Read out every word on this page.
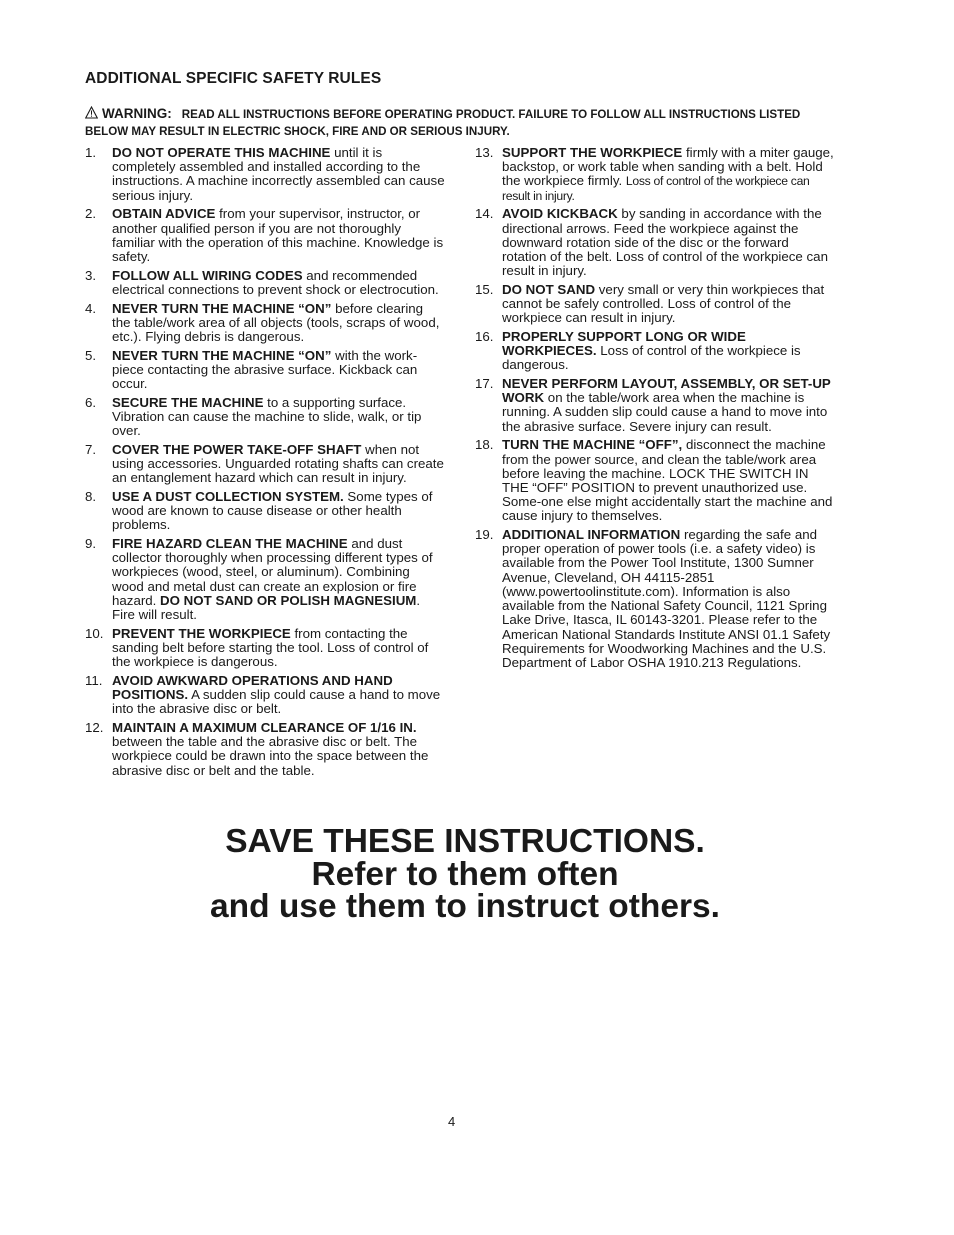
ADDITIONAL SPECIFIC SAFETY RULES
WARNING: READ ALL INSTRUCTIONS BEFORE OPERATING PRODUCT. FAILURE TO FOLLOW ALL INSTRUCTIONS LISTED BELOW MAY RESULT IN ELECTRIC SHOCK, FIRE AND OR SERIOUS INJURY.
1. DO NOT OPERATE THIS MACHINE until it is completely assembled and installed according to the instructions. A machine incorrectly assembled can cause serious injury.
2. OBTAIN ADVICE from your supervisor, instructor, or another qualified person if you are not thoroughly familiar with the operation of this machine. Knowledge is safety.
3. FOLLOW ALL WIRING CODES and recommended electrical connections to prevent shock or electrocution.
4. NEVER TURN THE MACHINE “ON” before clearing the table/work area of all objects (tools, scraps of wood, etc.). Flying debris is dangerous.
5. NEVER TURN THE MACHINE “ON” with the work-piece contacting the abrasive surface. Kickback can occur.
6. SECURE THE MACHINE to a supporting surface. Vibration can cause the machine to slide, walk, or tip over.
7. COVER THE POWER TAKE-OFF SHAFT when not using accessories. Unguarded rotating shafts can create an entanglement hazard which can result in injury.
8. USE A DUST COLLECTION SYSTEM. Some types of wood are known to cause disease or other health problems.
9. FIRE HAZARD CLEAN THE MACHINE and dust collector thoroughly when processing different types of workpieces (wood, steel, or aluminum). Combining wood and metal dust can create an explosion or fire hazard. DO NOT SAND OR POLISH MAGNESIUM. Fire will result.
10. PREVENT THE WORKPIECE from contacting the sanding belt before starting the tool. Loss of control of the workpiece is dangerous.
11. AVOID AWKWARD OPERATIONS AND HAND POSITIONS. A sudden slip could cause a hand to move into the abrasive disc or belt.
12. MAINTAIN A MAXIMUM CLEARANCE OF 1/16 IN. between the table and the abrasive disc or belt. The workpiece could be drawn into the space between the abrasive disc or belt and the table.
13. SUPPORT THE WORKPIECE firmly with a miter gauge, backstop, or work table when sanding with a belt. Hold the workpiece firmly. Loss of control of the workpiece can result in injury.
14. AVOID KICKBACK by sanding in accordance with the directional arrows. Feed the workpiece against the downward rotation side of the disc or the forward rotation of the belt. Loss of control of the workpiece can result in injury.
15. DO NOT SAND very small or very thin workpieces that cannot be safely controlled. Loss of control of the workpiece can result in injury.
16. PROPERLY SUPPORT LONG OR WIDE WORKPIECES. Loss of control of the workpiece is dangerous.
17. NEVER PERFORM LAYOUT, ASSEMBLY, OR SET-UP WORK on the table/work area when the machine is running. A sudden slip could cause a hand to move into the abrasive surface. Severe injury can result.
18. TURN THE MACHINE “OFF”, disconnect the machine from the power source, and clean the table/work area before leaving the machine. LOCK THE SWITCH IN THE “OFF” POSITION to prevent unauthorized use. Some-one else might accidentally start the machine and cause injury to themselves.
19. ADDITIONAL INFORMATION regarding the safe and proper operation of power tools (i.e. a safety video) is available from the Power Tool Institute, 1300 Sumner Avenue, Cleveland, OH 44115-2851 (www.powertoolinstitute.com). Information is also available from the National Safety Council, 1121 Spring Lake Drive, Itasca, IL 60143-3201. Please refer to the American National Standards Institute ANSI 01.1 Safety Requirements for Woodworking Machines and the U.S. Department of Labor OSHA 1910.213 Regulations.
SAVE THESE INSTRUCTIONS.
Refer to them often
and use them to instruct others.
4
